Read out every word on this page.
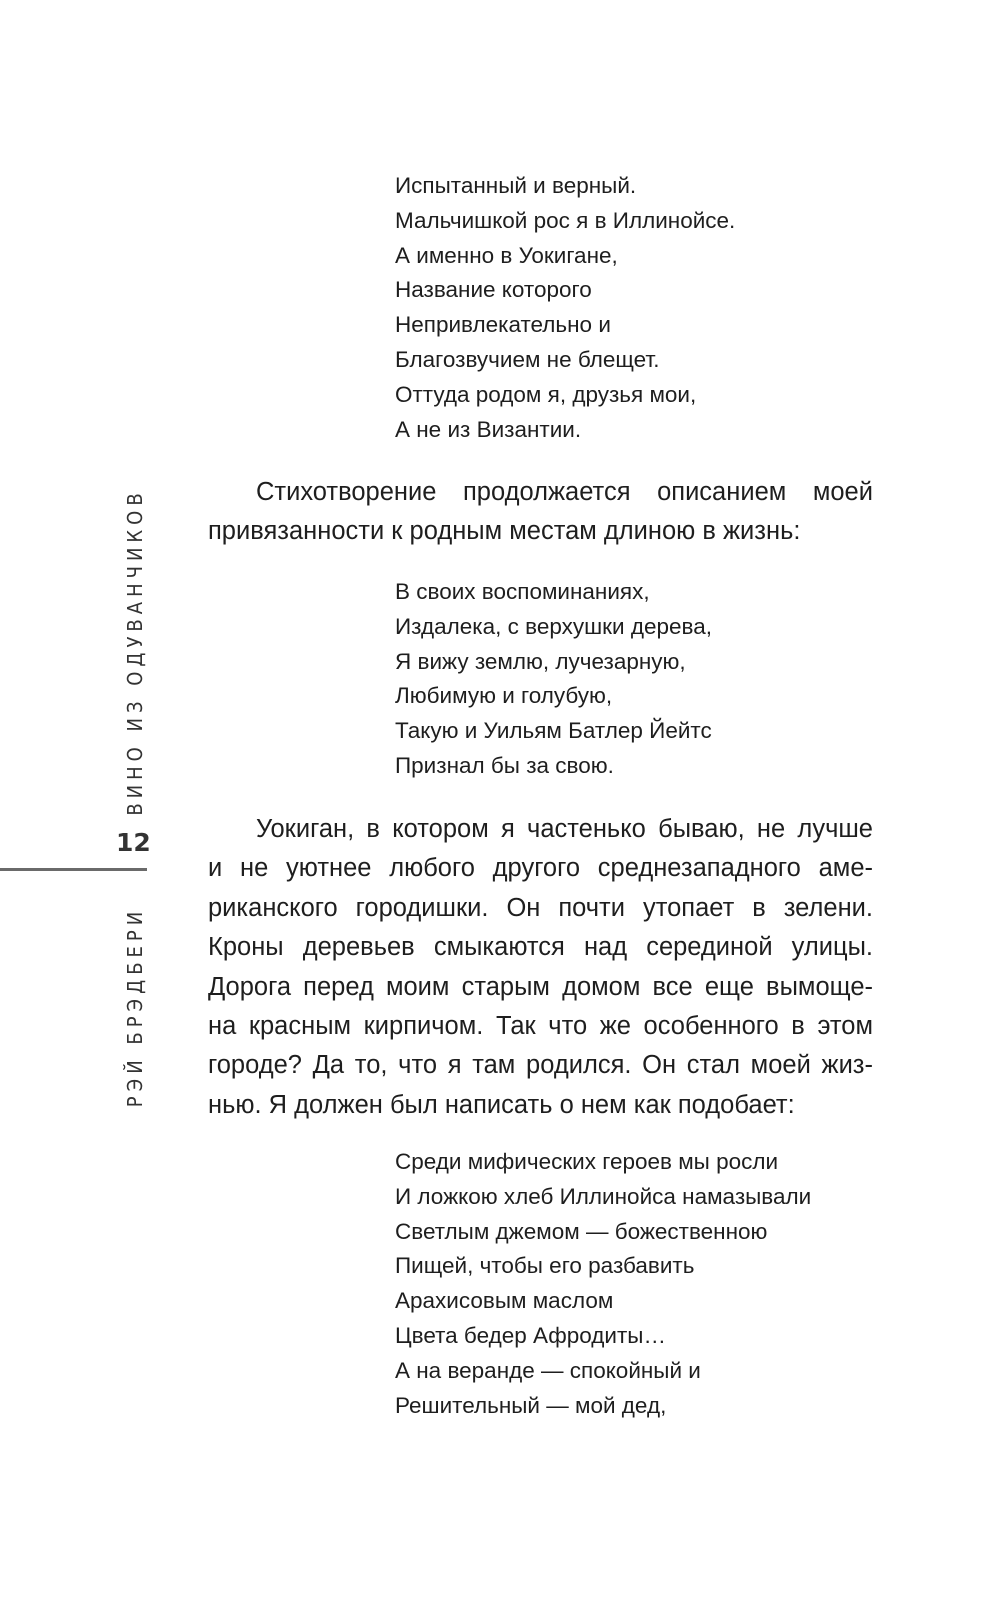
ВИНО ИЗ ОДУВАНЧИКОВ
12
РЭЙ БРЭДБЕРИ
Испытанный и верный.
Мальчишкой рос я в Иллинойсе.
А именно в Уокигане,
Название которого
Непривлекательно и
Благозвучием не блещет.
Оттуда родом я, друзья мои,
А не из Византии.

Стихотворение продолжается описанием моей
привязанности к родным местам длиною в жизнь:

В своих воспоминаниях,
Издалека, с верхушки дерева,
Я вижу землю, лучезарную,
Любимую и голубую,
Такую и Уильям Батлер Йейтс
Признал бы за свою.

Уокиган, в котором я частенько бываю, не лучше
и не уютнее любого другого среднезападного аме-
риканского городишки. Он почти утопает в зелени.
Кроны деревьев смыкаются над серединой улицы.
Дорога перед моим старым домом все еще вымоще-
на красным кирпичом. Так что же особенного в этом
городе? Да то, что я там родился. Он стал моей жиз-
нью. Я должен был написать о нем как подобает:

Среди мифических героев мы росли
И ложкою хлеб Иллинойса намазывали
Светлым джемом — божественною
Пищей, чтобы его разбавить
Арахисовым маслом
Цвета бедер Афродиты…
А на веранде — спокойный и
Решительный — мой дед,
